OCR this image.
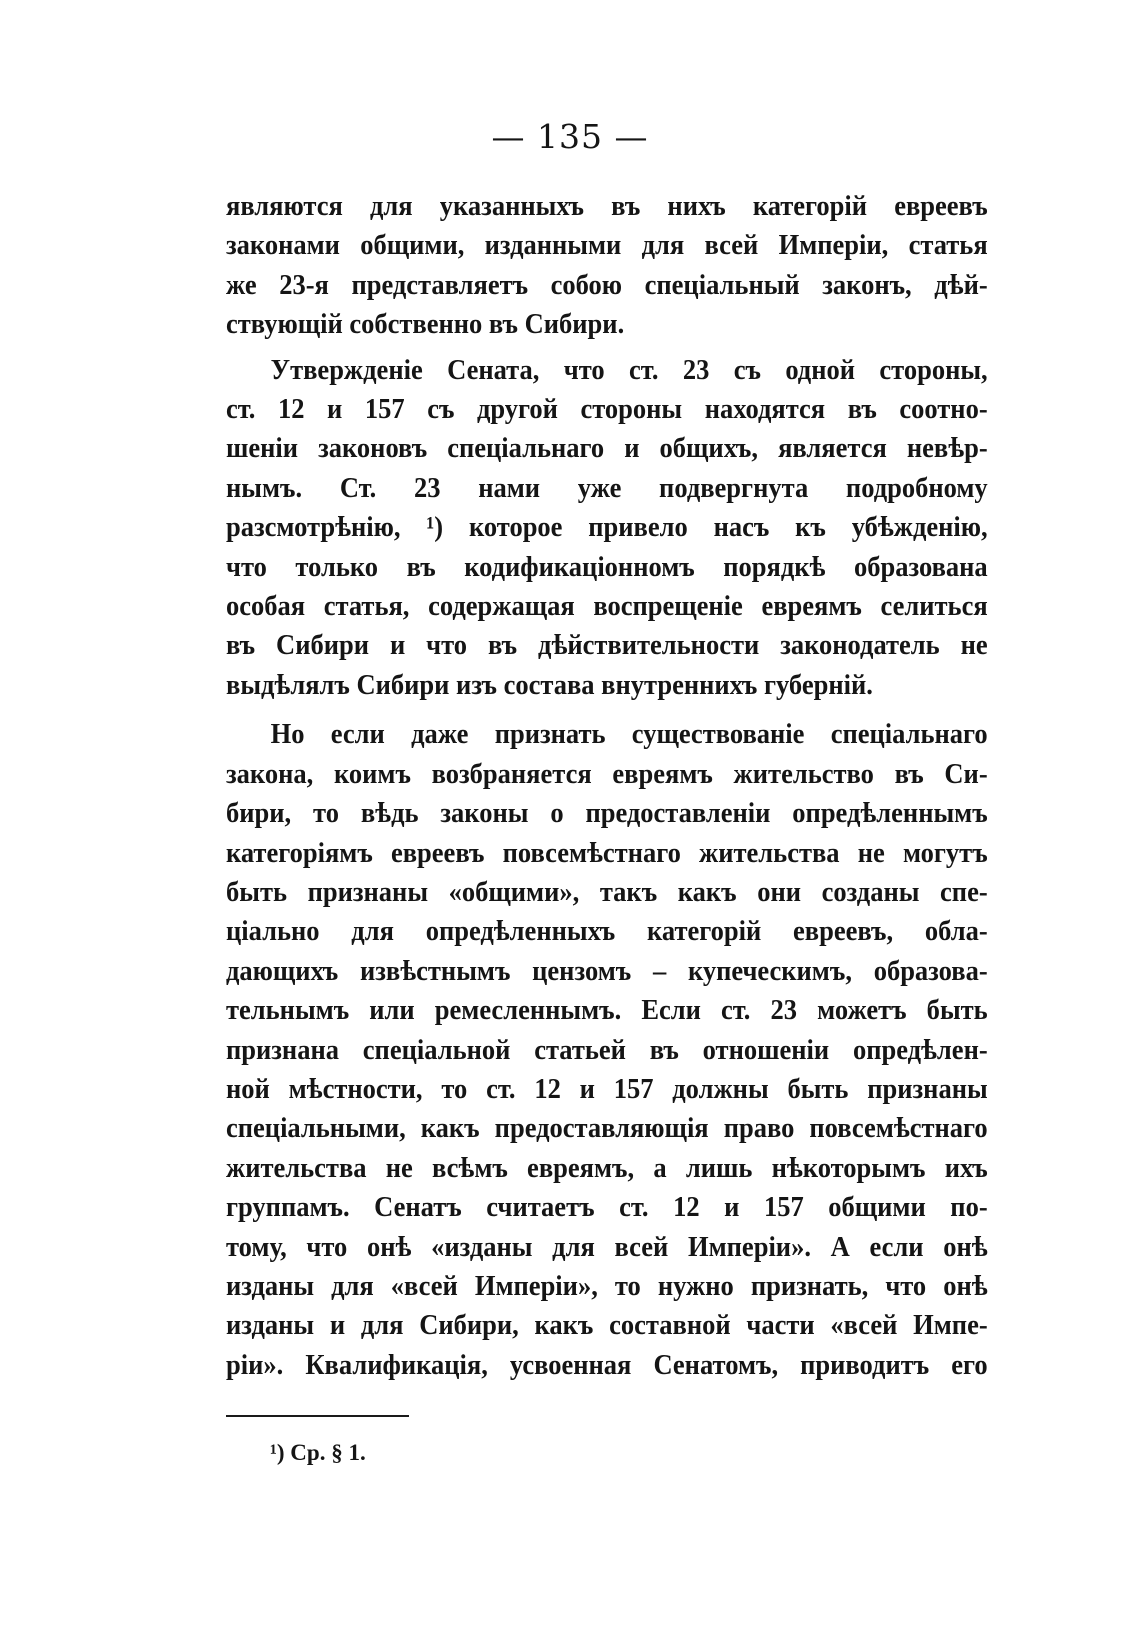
— 135 —
являются для указанныхъ въ нихъ категорій евреевъ
законами общими, изданными для всей Имперіи, статья
же 23-я представляетъ собою спеціальный законъ, дѣй-
ствующій собственно въ Сибири.
Утвержденіе Сената, что ст. 23 съ одной стороны,
ст. 12 и 157 съ другой стороны находятся въ соотно-
шеніи законовъ спеціальнаго и общихъ, является невѣр-
нымъ. Ст. 23 нами уже подвергнута подробному
разсмотрѣнію, ¹) которое привело насъ къ убѣжденію,
что только въ кодификаціонномъ порядкѣ образована
особая статья, содержащая воспрещеніе евреямъ селиться
въ Сибири и что въ дѣйствительности законодатель не
выдѣлялъ Сибири изъ состава внутреннихъ губерній.
Но если даже признать существованіе спеціальнаго
закона, коимъ возбраняется евреямъ жительство въ Си-
бири, то вѣдь законы о предоставленіи опредѣленнымъ
категоріямъ евреевъ повсемѣстнаго жительства не могутъ
быть признаны «общими», такъ какъ они созданы спе-
ціально для опредѣленныхъ категорій евреевъ, обла-
дающихъ извѣстнымъ цензомъ – купеческимъ, образова-
тельнымъ или ремесленнымъ. Если ст. 23 можетъ быть
признана спеціальной статьей въ отношеніи опредѣлен-
ной мѣстности, то ст. 12 и 157 должны быть признаны
спеціальными, какъ предоставляющія право повсемѣстнаго
жительства не всѣмъ евреямъ, а лишь нѣкоторымъ ихъ
группамъ. Сенатъ считаетъ ст. 12 и 157 общими по-
тому, что онѣ «изданы для всей Имперіи». А если онѣ
изданы для «всей Имперіи», то нужно признать, что онѣ
изданы и для Сибири, какъ составной части «всей Импе-
ріи». Квалификація, усвоенная Сенатомъ, приводитъ его
¹) Ср. § 1.
